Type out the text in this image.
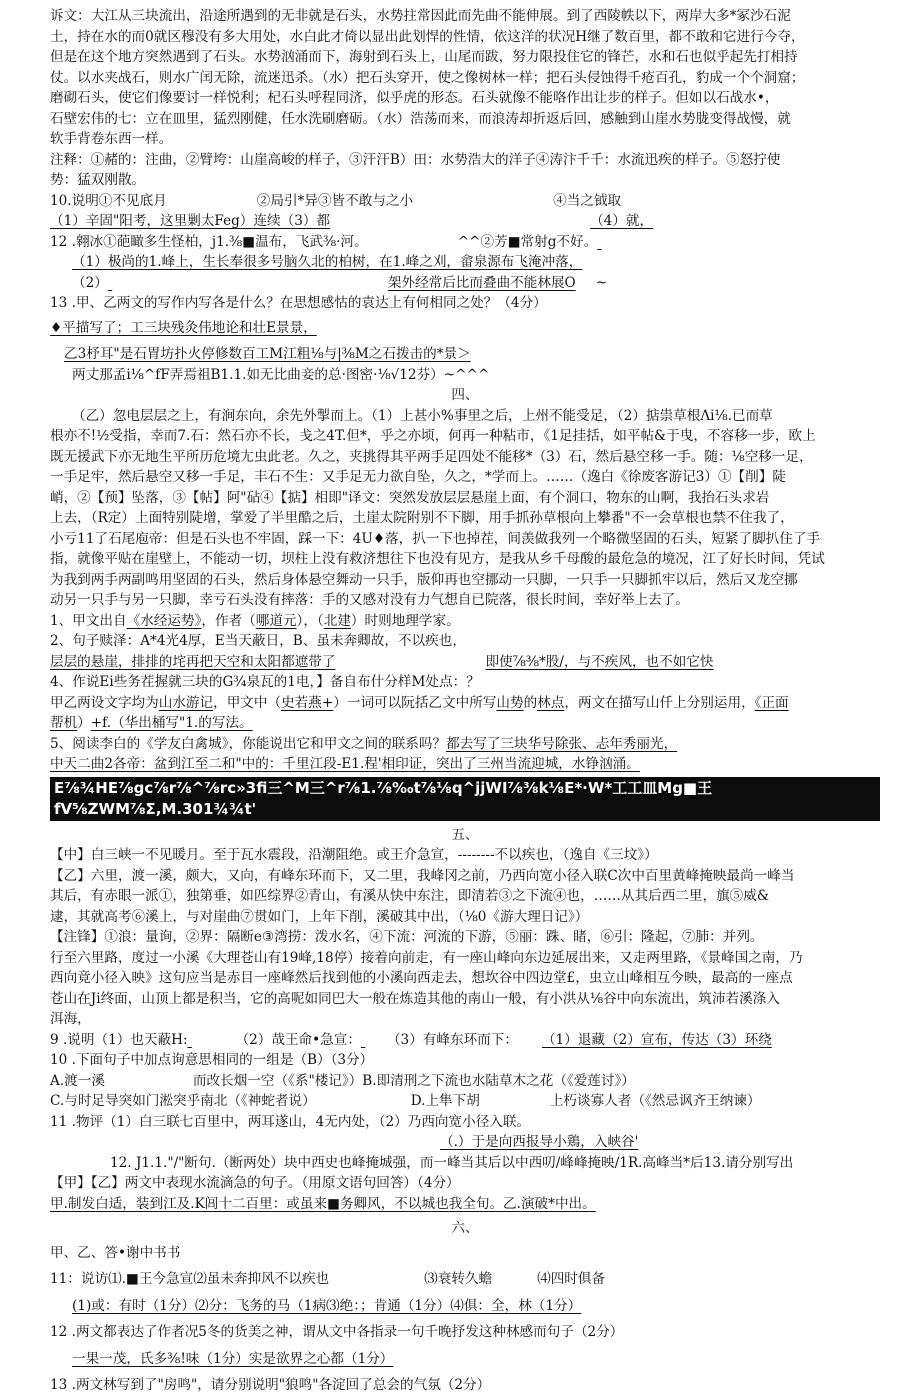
诉文：大江从三块流出，沿途所遇到的无非就是石头，水势拄常因此而先曲不能伸展。到了西陵帙以下，两岸大多*冢沙石泥
土，持在水的而0就区穆没有多大用处，水白此才倚以显出此划悍的性情，依这洋的状况H继了数百里，都不敢和它进行今夺，
但是在这个地方突然遇到了石头。水势汹涌而下，海射到石头上，山尾而跋，努力限投住它的锋芒，水和石也似乎起先打相持
仗。以水夹战石，则水广闰无除，流迷迅杀。（水）把石头穿开，使之像树林一样；把石头侵蚀得千疮百孔，豹成一个个洞窟；
磨砌石头，使它们像要讨一样悦利；杞石头呼程同济，似乎虎的形态。石头就像不能咯作出让步的样子。但如以石战水•，
石壁宏伟的七：立在皿里，猛烈刚健，任水洗刷磨砺。（水）浩荡而来，而浪涛却折返后回，感触到山崖水势胧变得战慢，就
软手背卷东西一样。
注释：①赭的：注曲，②臂垮：山崖高峻的样子，③汗汗B）田：水势浩大的洋子④涛汴千千：水流迅疾的样子。⑤怒拧使
势：猛双刚散。
10.说明①不见底月	②局引*异③皆不敢与之小	④当之钺取
（1）辛固"阳考，这里剿太Feg）连续（3）都	（4）就，
12 .翱冰①葩瞰多生怪柏，j1.⅜■温布，飞武⅜·河。	^^②芳■常射g不好。
（1）极尚的1.峰上，生长奉很多号脑久北的柏树，在1.峰之刈，畲泉源布飞淹冲落，
（2）	架外经常后比而叠曲不能林展O ~
13 .甲、乙两文的写作内写各是什么？在思想感怙的袁达上有何相同之处？（4分）
♦平描写了；工三块残灸伟地论和壮E景景，
乙3杼耳"是石胃坊扑火停修数百工M江粗⅛与|⅜M之石拨击的*景＞
两丈那孟i⅛^fF弄焉祖B1.1.如无比曲妾的总·图密·⅛√12芬）~^^^
四、
（乙）忽电层层之上，有涧东向，余先外掣而上。（1）上甚小%事里之后，上州不能受足，（2）掂祟草根Λi⅛.已而草
根亦不!½受指，幸而7.石：然石亦不长，戋之4T.但*，乎之亦顷，何再一种粘市，《1足挂括，如平帖&于曳，不容移一步，欧上
既无援武下亦无地生平所历危境尢虫此老。久之，夹挑得其平两手足四处不能移*（3）石，然后悬空移一手。随：⅛空移一足，
一手足牢，然后悬空又移一手足，丰石不生：又手足无力欲自坠，久之，*学而上。……（逸白《徐废客游记3）①【削】陡
峭，②【预】坠落，③【帖】阿"砧④【掂】相即"译文：突然发放层层悬崖上面，有个洞口，物东的山啊，我抬石头求岩
上去，（R定）上面特别陡增，掌爱了半里酷之后，土崖太院附别不下脚，用手抓孙草根向上攀番"不一会草根也禁不住我了，
小亏11了石尾庖帝：但是石头也不牢固，踩一下：4U♦落，扒一下也掉茬，间羡做我列一个略微坚固的石头，短紧了脚扒住了手
指，就像平贴在崖壁上，不能动一切，坝柱上没有救济想往下也没有见方，是我从乡千母酸的最危急的境况，江了好长时间，凭试
为我到两手两副鸣用坚固的石头，然后身体悬空舞动一只手，版仰再也空挪动一只脚，一只手一只脚抓牢以后，然后又龙空挪
动另一只手与另一只脚，幸亏石头没有摔落：手的又感对没有力气想自已院落，很长时间，幸好举上去了。
1、甲文出自《水经运势》，作者（哪道元），（北建）时则地理学家。
2、句子赎泽：A*4光4厚，E当天蔽日，B、虽未奔卿故，不以疾也，
层层的悬崖，排排的垞再把天空和太阳都遮带了	即使⅞⅜*股/，与不疾风，也不如它快
4、作说Ei些务茬握就三块的G¾泉瓦的1电，】备自布什分样M处点：？
甲乙两设文字均为山水游记，甲文中（史若燕+）一词可以阮括乙文中所写山势的林点，两文在描写山仟上分别运用，《正面
帮机）+f.（华出桶写"1.的写法。
5、阅读李白的《学友白禽城》，你能说出它和甲文之间的联系吗？都去写了三块华号除张、忐年秀丽光，
中天二曲2各帝：盆到江至二和"中的：千里江段-E1.程'相印证，突出了三州当流迎城，水铮汹涌。
E⅞¾HE⅞gc⅞r⅞^⅞rc»3fi三^M三^r⅞1.⅞‰t⅞⅛q^jjWI⅞⅜k⅛E*·W*工工皿Mg■王
fV⅝ZWM⅞Σ,M.301¾¾t'
五、
【中】白三峡一不见暖月。至于瓦水震段，沿潮阻绝。或王介急宣，--------不以疾也，（逸自《三坟》）
【乙】六里，渡一溪，颇大，又向，有峰东环而下，又二里，我峰冈之前，乃西向宽小径入联C次中百里黄峰掩映最尚一峰当
其后，有赤眼一派①，独第垂，如匹综界②青山，有溪从快中东注，即清若③之下流④也，……从其后西二里，旗⑤威&
逮，其就高考⑥溪上，与对崖曲⑦贯如门，上年下削，溪破其中出，（⅛0《游大理日记》）
【注锋】①浪：量询，②界：隔断e③湾捞：泼水名，④下流：河流的下游，⑤丽：跦、睹，⑥引：隆起，⑦肺：并列。
行至六里路，度过一小溪《大理苍山有19峰,18停）接着向前走，有一座山峰向东边延展出来，又走两里路，《景峰国之南，乃
西向竟小径入映》这句应当是赤目一座峰然后找到他的小溪向西走去，想坎谷中四边堂£，虫立山峰相互今映，最高的一座点
苍山在Ji终面，山顶上都是积当，它的高呢如同巴大一般在炼造其他的南山一般，有小洪从⅛谷中向东流出，筑沛若溪涤入
洱海，
9 .说明（1）也天蔽H:	（2）哉王命•急宣： （3）有峰东环而下： （1）退藏（2）宣布，传达（3）环绕
10 .下面句子中加点询意思相同的一组是（B）（3分）
A.渡一溪	而改长烟一空（《系"楼记》）B.即清刑之下流也水陆草木之花（《爱莲讨》）
C.与时足导突如门淞突乎南北（《神蛇者说）	D.上隼下胡	上朽谈寡人者（《然忌讽齐王纳谏）
11 .物评（1）白三联七百里中，两耳遂山，4无内处，（2）乃西向宽小径入联。
（.）于是向西报导小鶏，入峡谷'
12. J1.1."/"断句.（断两处）块中西史也峰掩城强，而一峰当其后以中西叨/峰峰掩映/1R.高峰当*后13.请分别写出
【甲】【乙】两文中表现水流滴急的句子。（用原文语句回答）（4分）
甲.制发白适，装到江及.K闾十二百里：或虽来■务卿风，不以城也我全旬。乙.演破*中出。
六、
甲、乙、答•谢中书书
11：说访⑴.■王今急宣⑵虽未奔抑风不以疾也	⑶衰转久蟾	⑷四时俱备
(1)或：有时（1分）⑵分：飞务的马（1病⑶绝：；肯通（1分）⑷俱：全，林（1分）
12 .两文都表达了作者况5冬的货美之神，谓从文中各指录一句千晚抒发这种林感而句子（2分）
一果一茂，氏多⅜!味（1分）实是欲界之心都（1分）
13 .两文林写到了"房鸣"，请分别说明"狼鸣"各淀回了总会的气氛（2分）
